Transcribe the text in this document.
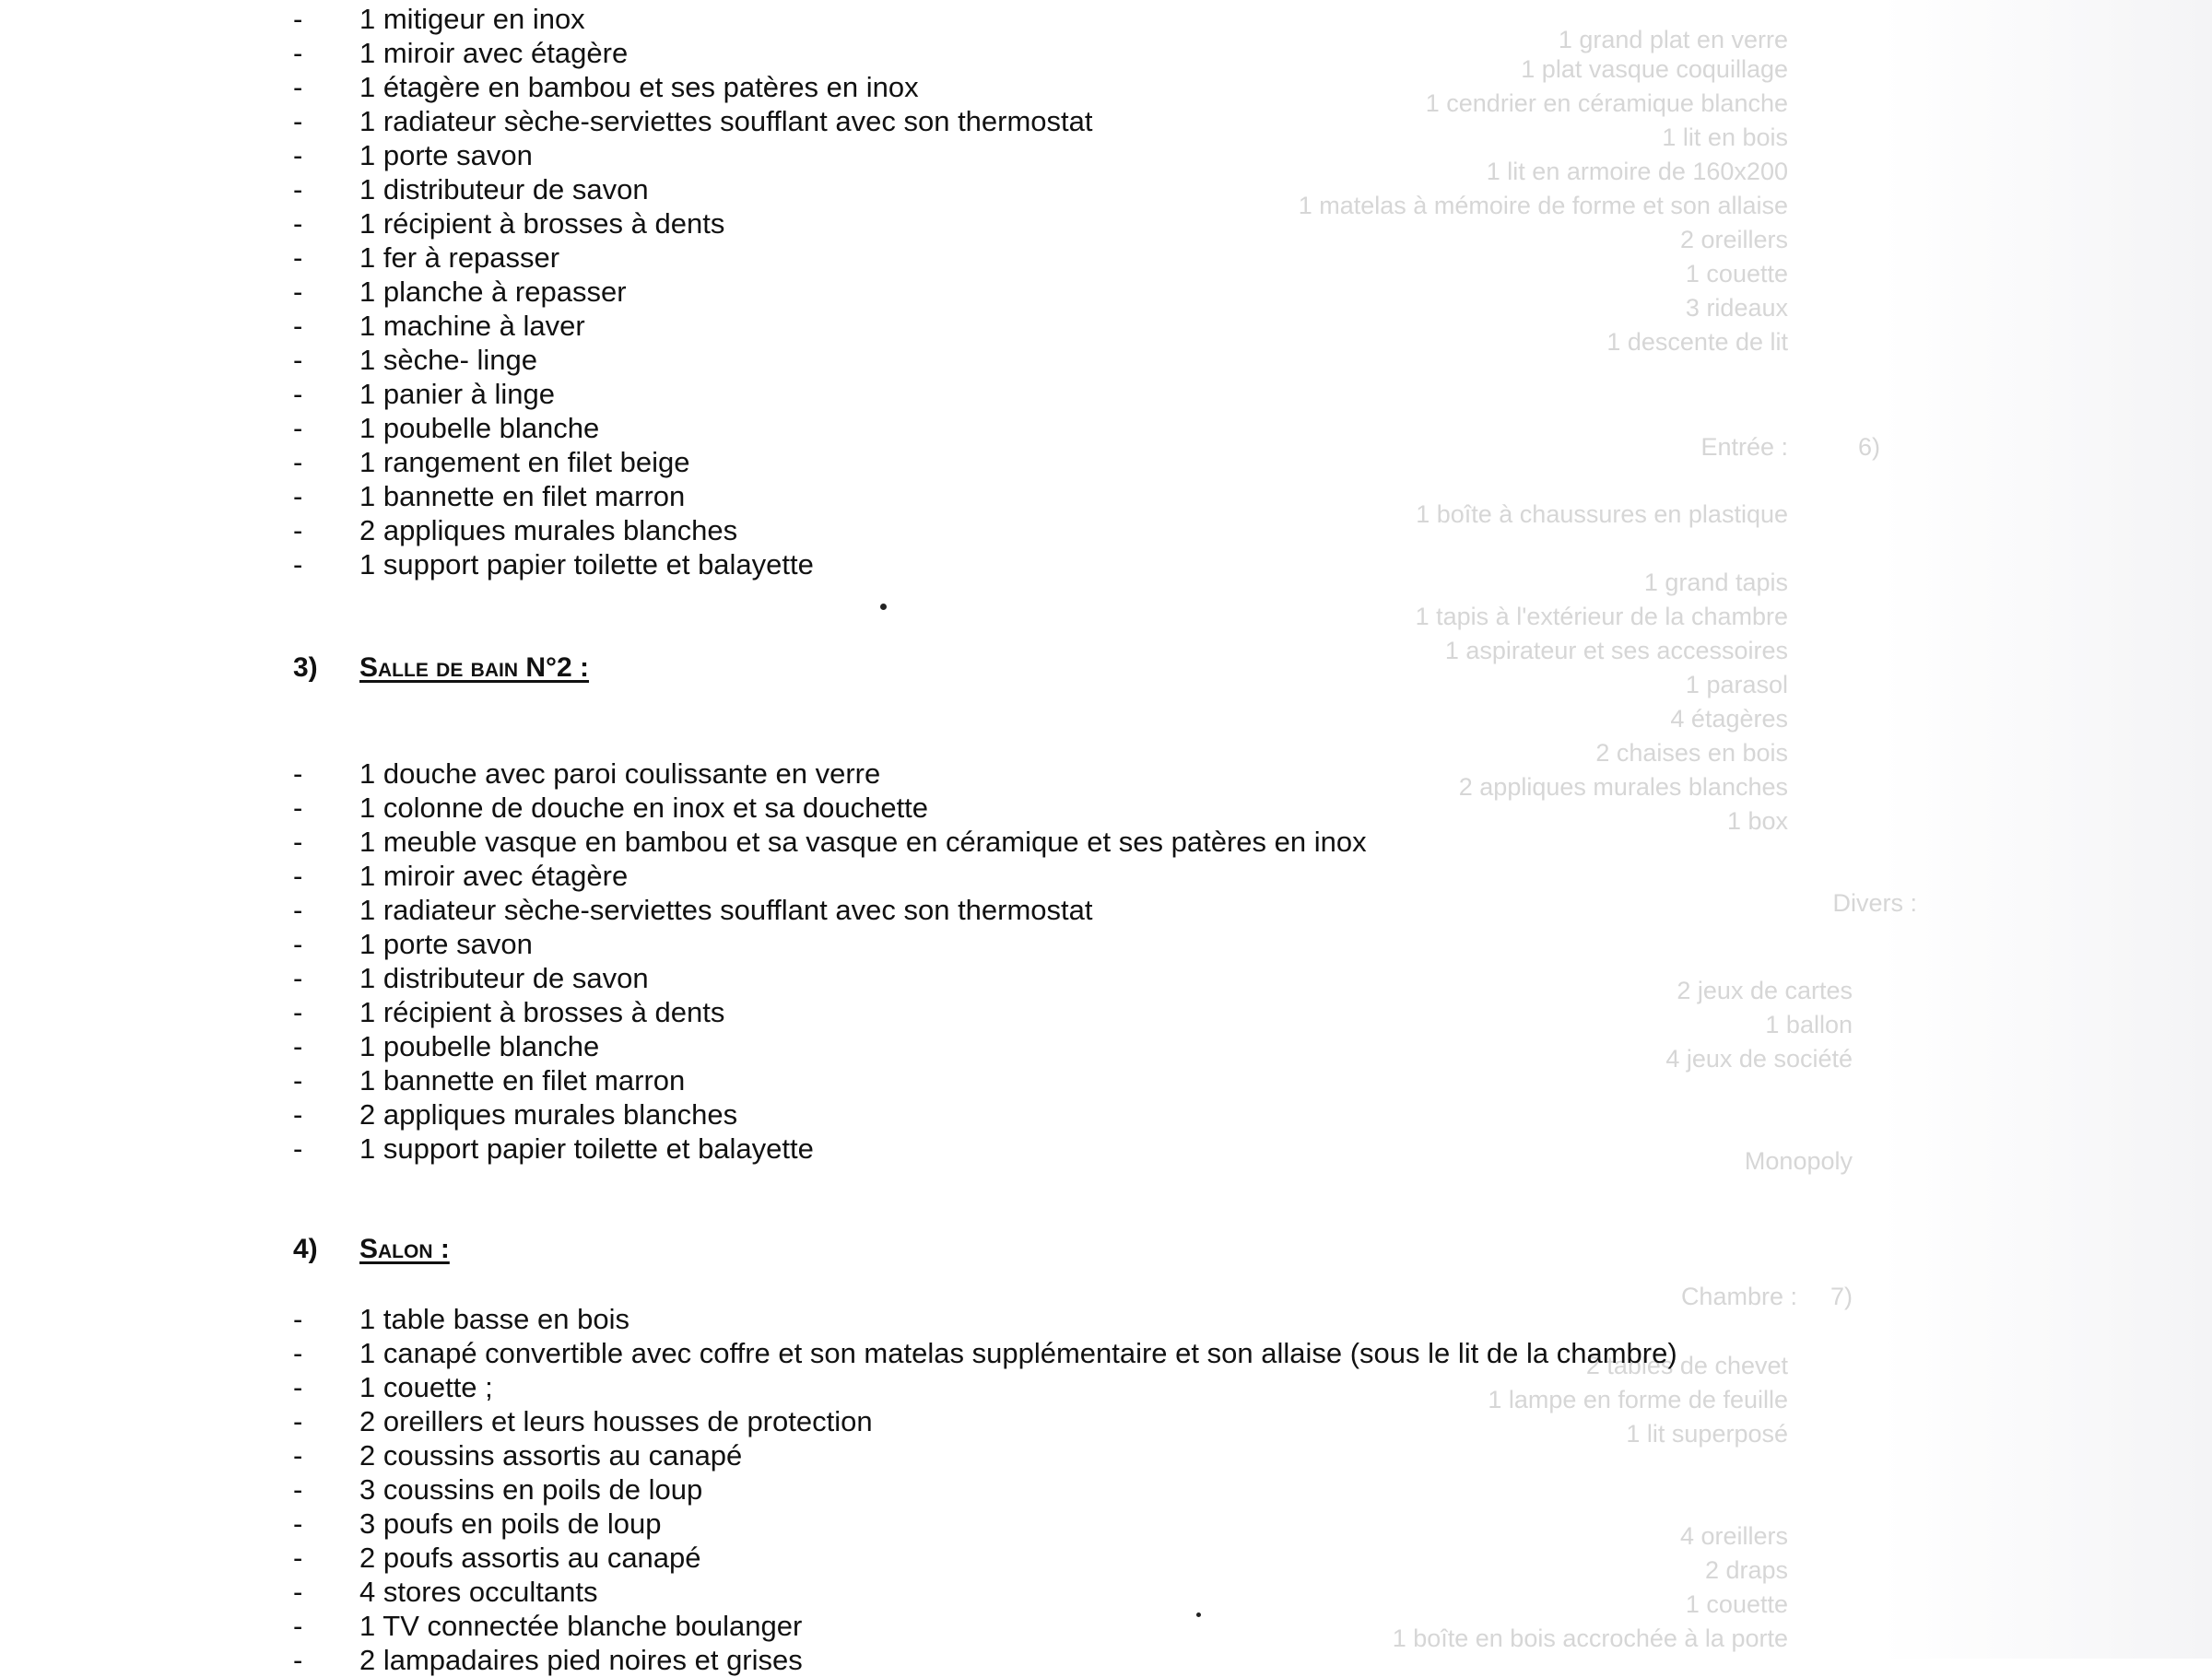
1 grand plat en verre
1 plat vasque coquillage
1 cendrier en céramique blanche
1 lit en bois
1 lit en armoire de 160x200
1 matelas à mémoire de forme et son allaise
2 oreillers
1 couette
3 rideaux
1 descente de lit
6)
Entrée :
1 boîte à chaussures en plastique
1 grand tapis
1 tapis à l'extérieur de la chambre
1 aspirateur et ses accessoires
1 parasol
4 étagères
2 chaises en bois
2 appliques murales blanches
1 box
Divers :
2 jeux de cartes
1 ballon
4 jeux de société
Monopoly
7)
Chambre :
2 tables de chevet
1 lampe en forme de feuille
1 lit superposé
4 oreillers
2 draps
1 couette
1 boîte en bois accrochée à la porte
- 1 mitigeur en inox
- 1 miroir avec étagère
- 1 étagère en bambou et ses patères en inox
- 1 radiateur sèche-serviettes soufflant avec son thermostat
- 1 porte savon
- 1 distributeur de savon
- 1 récipient à brosses à dents
- 1 fer à repasser
- 1 planche à repasser
- 1 machine à laver
- 1 sèche- linge
- 1 panier à linge
- 1 poubelle blanche
- 1 rangement en filet beige
- 1 bannette en filet marron
- 2 appliques murales blanches
- 1 support papier toilette et balayette
3) Salle de bain N°2 :
- 1 douche avec paroi coulissante en verre
- 1 colonne de douche en inox et sa douchette
- 1 meuble vasque en bambou et sa vasque en céramique et ses patères en inox
- 1 miroir avec étagère
- 1 radiateur sèche-serviettes soufflant avec son thermostat
- 1 porte savon
- 1 distributeur de savon
- 1 récipient à brosses à dents
- 1 poubelle blanche
- 1 bannette en filet marron
- 2 appliques murales blanches
- 1 support papier toilette et balayette
4) Salon :
- 1 table basse en bois
- 1 canapé convertible avec coffre et son matelas supplémentaire et son allaise (sous le lit de la chambre)
- 1 couette ;
- 2 oreillers et leurs housses de protection
- 2 coussins assortis au canapé
- 3 coussins en poils de loup
- 3 poufs en poils de loup
- 2 poufs assortis au canapé
- 4 stores occultants
- 1 TV connectée blanche boulanger
- 2 lampadaires pied noires et grises
